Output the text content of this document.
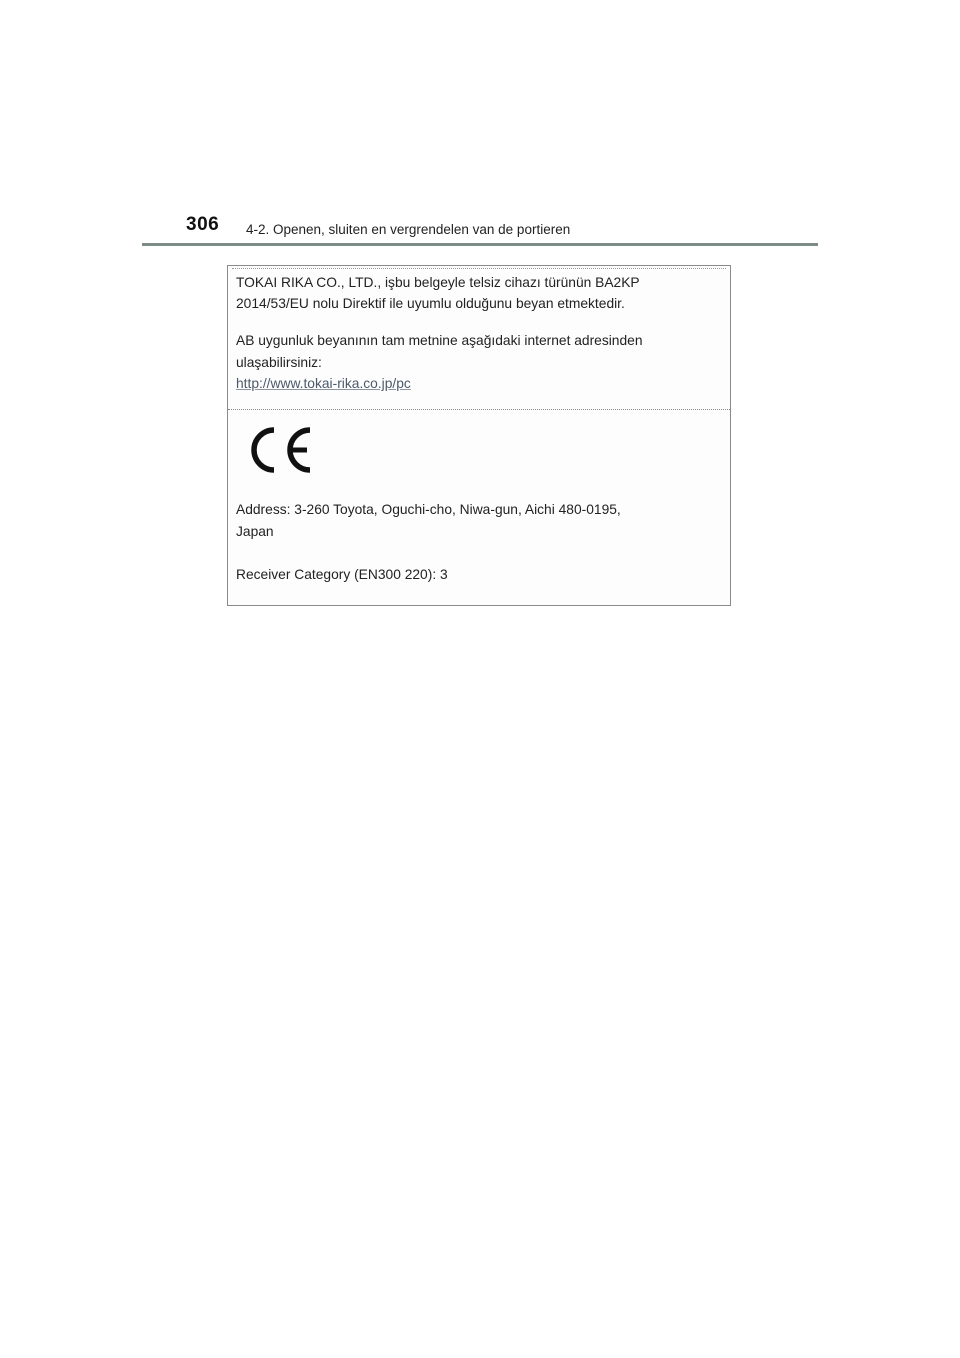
306 4-2. Openen, sluiten en vergrendelen van de portieren
TOKAI RIKA CO., LTD., işbu belgeyle telsiz cihazı türünün BA2KP
2014/53/EU nolu Direktif ile uyumlu olduğunu beyan etmektedir.
AB uygunluk beyanının tam metnine aşağıdaki internet adresinden
ulaşabilirsiniz:
http://www.tokai-rika.co.jp/pc
Address: 3-260 Toyota, Oguchi-cho, Niwa-gun, Aichi 480-0195,
Japan
Receiver Category (EN300 220): 3
